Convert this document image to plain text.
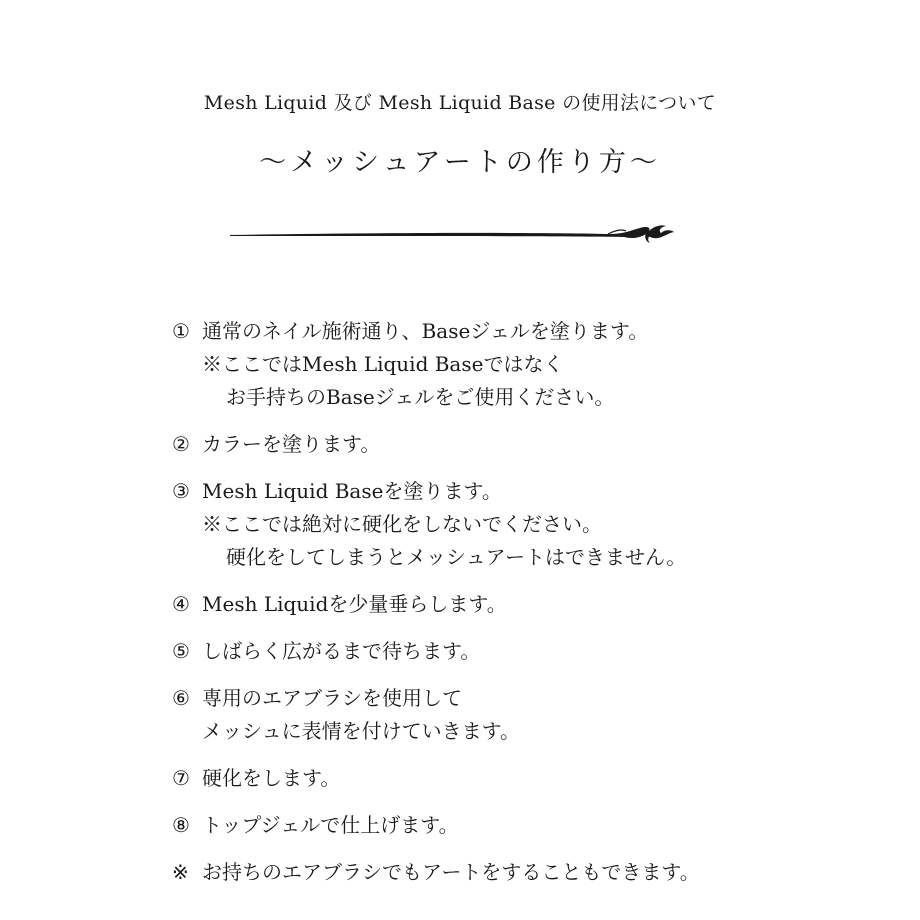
Mesh Liquid 及び Mesh Liquid Base の使用法について
〜メッシュアートの作り方〜
① 通常のネイル施術通り、Baseジェルを塗ります。
※ここではMesh Liquid Baseではなく
お手持ちのBaseジェルをご使用ください。
② カラーを塗ります。
③ Mesh Liquid Baseを塗ります。
※ここでは絶対に硬化をしないでください。
硬化をしてしまうとメッシュアートはできません。
④ Mesh Liquidを少量垂らします。
⑤ しばらく広がるまで待ちます。
⑥ 専用のエアブラシを使用して
メッシュに表情を付けていきます。
⑦ 硬化をします。
⑧ トップジェルで仕上げます。
※ お持ちのエアブラシでもアートをすることもできます。
